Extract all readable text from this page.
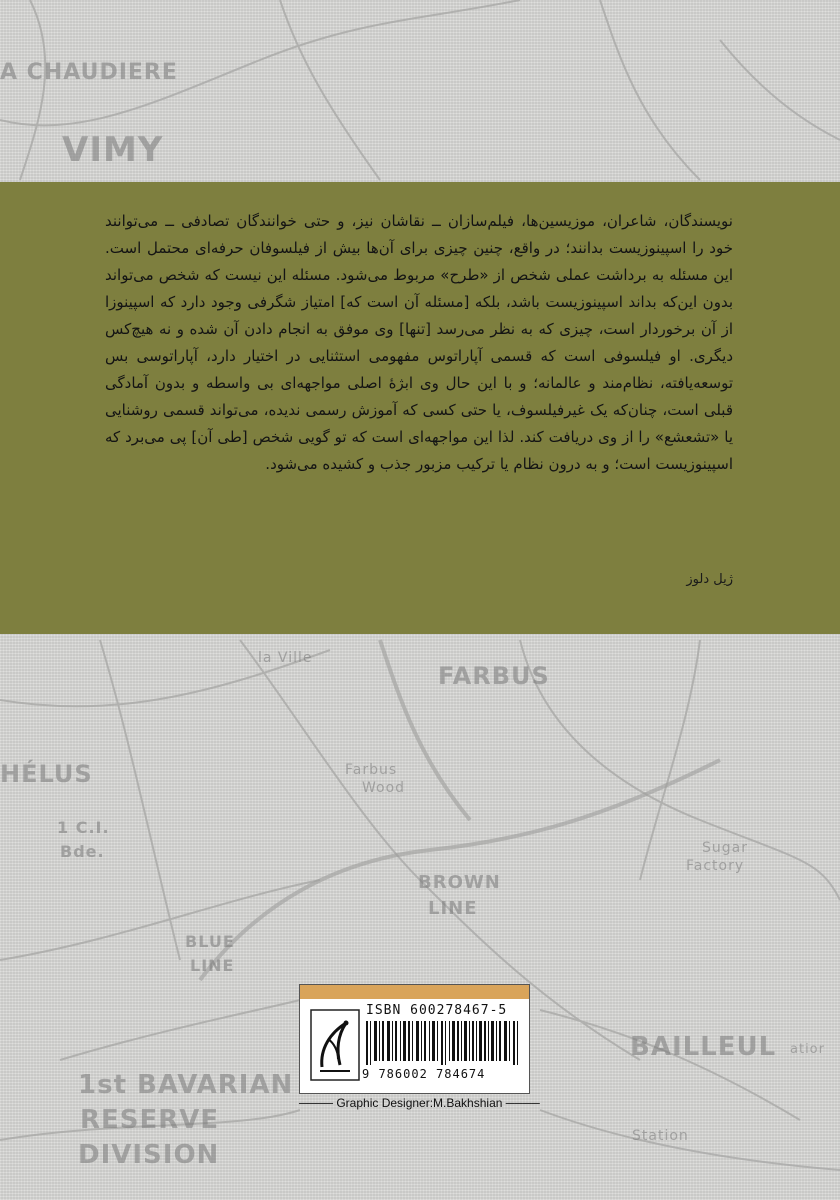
A CHAUDIERE
VIMY
la Ville
FARBUS
HÉLUS	Farbus
Wood
1 C.I.
Bde.	Sugar
Factory
BROWN
LINE
BLUE
LINE
BAILLEUL atior
1st BAVARIAN
RESERVE
DIVISION
Station
نویسندگان، شاعران، موزیسین‌ها، فیلم‌سازان ــ نقاشان نیز، و حتی خوانندگان تصادفی ــ می‌توانند خود را اسپینوزیست بدانند؛ در واقع، چنین چیزی برای آن‌ها بیش از فیلسوفان حرفه‌ای محتمل است. این مسئله به برداشت عملی شخص از «طرح» مربوط می‌شود. مسئله این نیست که شخص می‌تواند بدون این‌که بداند اسپینوزیست باشد، بلکه [مسئله آن است که] امتیاز شگرفی وجود دارد که اسپینوزا از آن برخوردار است، چیزی که به نظر می‌رسد [تنها] وی موفق به انجام دادن آن شده و نه هیچ‌کس دیگری. او فیلسوفی است که قسمی آپاراتوس مفهومی استثنایی در اختیار دارد، آپاراتوسی بس توسعه‌یافته، نظام‌مند و عالمانه؛ و با این حال وی ابژهٔ اصلی مواجهه‌ای بی واسطه و بدون آمادگی قبلی است، چنان‌که یک غیرفیلسوف، یا حتی کسی که آموزش رسمی ندیده، می‌تواند قسمی روشنایی یا «تشعشع» را از وی دریافت کند. لذا این مواجهه‌ای است که تو گویی شخص [طی آن] پی می‌برد که اسپینوزیست است؛ و به درون نظام یا ترکیب مزبور جذب و کشیده می‌شود.
ژیل دلوز
ISBN 600278467-5
9 786002 784674
──── Graphic Designer:M.Bakhshian ────
